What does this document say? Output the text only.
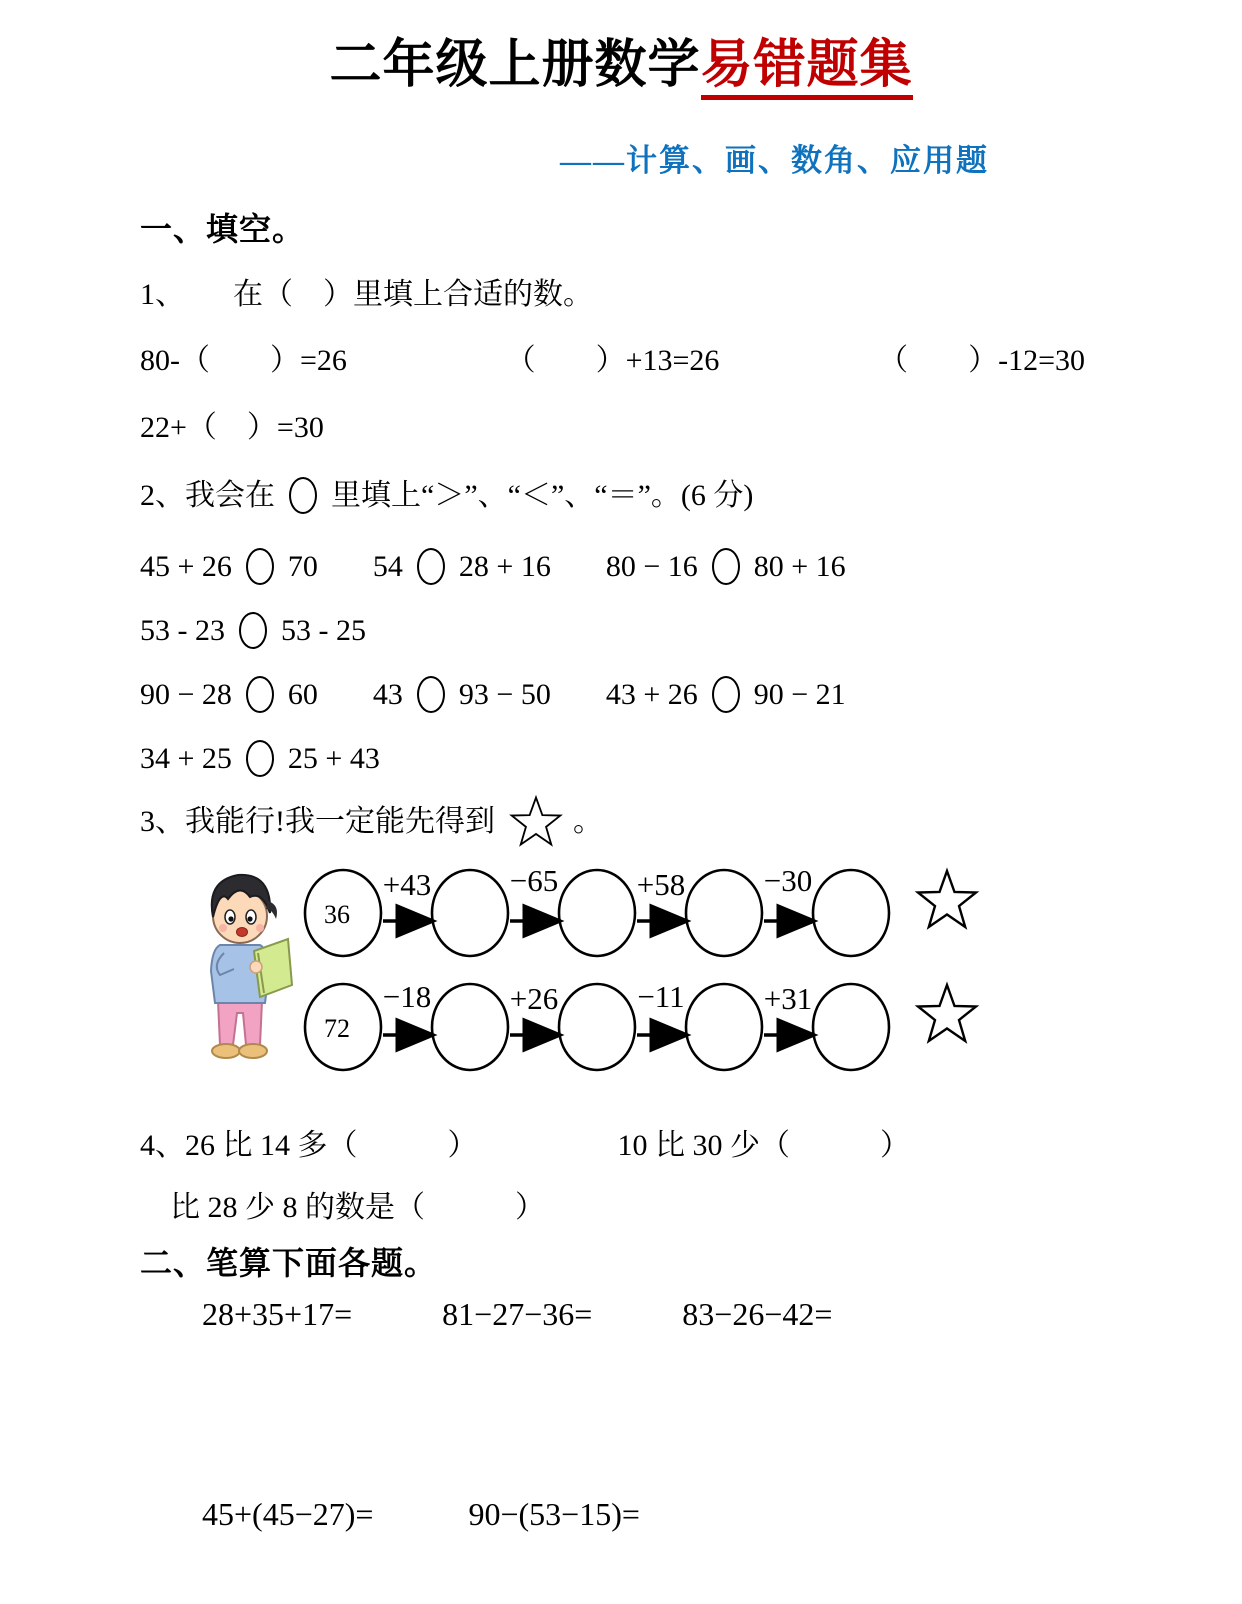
二年级上册数学易错题集
——计算、画、数角、应用题
一、填空。
1、 在（　）里填上合适的数。
80-（　　）=26	（　　）+13=26	（　　）-12=30
22+（　）=30
2、 我会在 里填上“＞”、“＜”、“＝”。(6 分)
45 + 26 70 54 28 + 16 80 − 16 80 + 16
53 - 23 53 - 25
90 − 28 60 43 93 − 50 43 + 26 90 − 21
34 + 25 25 + 43
3、 我能行!我一定能先得到	。
36
+43	−65	+58	−30
72
−18	+26	−11	+31
4、26 比 14 多（　　　）	10 比 30 少（　　　）
比 28 少 8 的数是（　　　）
二、笔算下面各题。
28+35+17=	81−27−36=	83−26−42=
45+(45−27)=	90−(53−15)=
